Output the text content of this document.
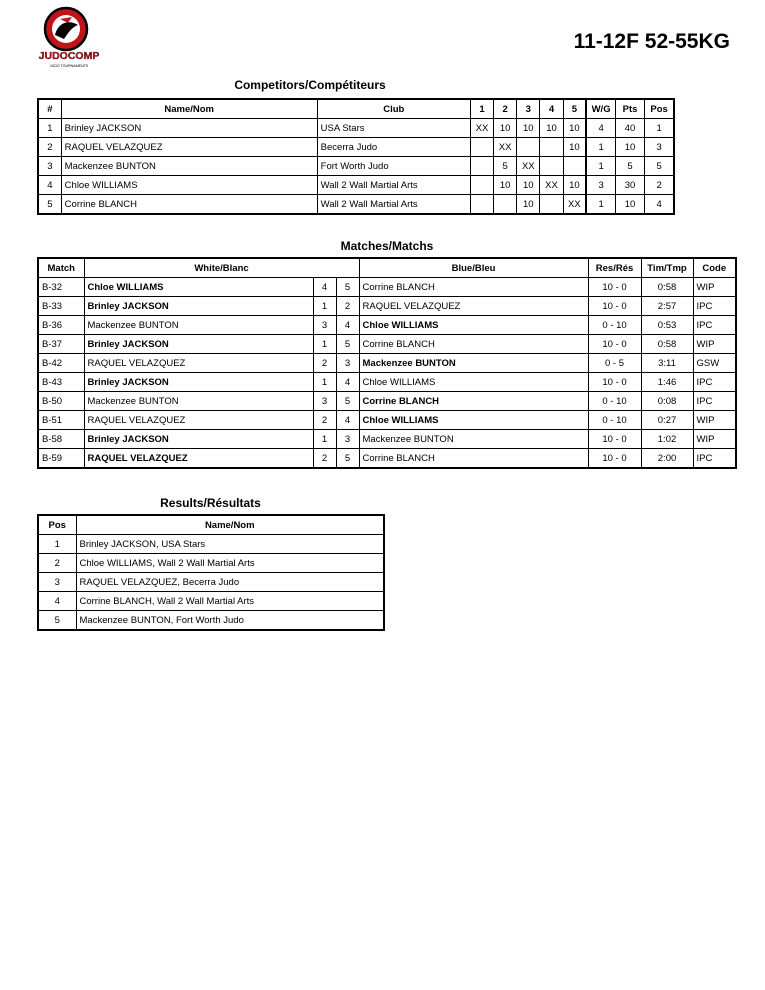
JUDOCOMP
JUDO TOURNAMENTS
11-12F 52-55KG
Competitors/Compétiteurs
#	Name/Nom	Club	1	2	3	4	5	W/G	Pts	Pos
1	Brinley JACKSON	USA Stars	XX	10	10	10	10	4	40	1
2	RAQUEL VELAZQUEZ	Becerra Judo		XX			10	1	10	3
3	Mackenzee BUNTON	Fort Worth Judo		5	XX			1	5	5
4	Chloe WILLIAMS	Wall 2 Wall Martial Arts		10	10	XX	10	3	30	2
5	Corrine BLANCH	Wall 2 Wall Martial Arts			10		XX	1	10	4
Matches/Matchs
Match	White/Blanc			Blue/Bleu	Res/Rés	Tim/Tmp	Code
B-32	Chloe WILLIAMS	4	5	Corrine BLANCH	10 - 0	0:58	WIP
B-33	Brinley JACKSON	1	2	RAQUEL VELAZQUEZ	10 - 0	2:57	IPC
B-36	Mackenzee BUNTON	3	4	Chloe WILLIAMS	0 - 10	0:53	IPC
B-37	Brinley JACKSON	1	5	Corrine BLANCH	10 - 0	0:58	WIP
B-42	RAQUEL VELAZQUEZ	2	3	Mackenzee BUNTON	0 - 5	3:11	GSW
B-43	Brinley JACKSON	1	4	Chloe WILLIAMS	10 - 0	1:46	IPC
B-50	Mackenzee BUNTON	3	5	Corrine BLANCH	0 - 10	0:08	IPC
B-51	RAQUEL VELAZQUEZ	2	4	Chloe WILLIAMS	0 - 10	0:27	WIP
B-58	Brinley JACKSON	1	3	Mackenzee BUNTON	10 - 0	1:02	WIP
B-59	RAQUEL VELAZQUEZ	2	5	Corrine BLANCH	10 - 0	2:00	IPC
Results/Résultats
Pos	Name/Nom
1	Brinley JACKSON, USA Stars
2	Chloe WILLIAMS, Wall 2 Wall Martial Arts
3	RAQUEL VELAZQUEZ, Becerra Judo
4	Corrine BLANCH, Wall 2 Wall Martial Arts
5	Mackenzee BUNTON, Fort Worth Judo
